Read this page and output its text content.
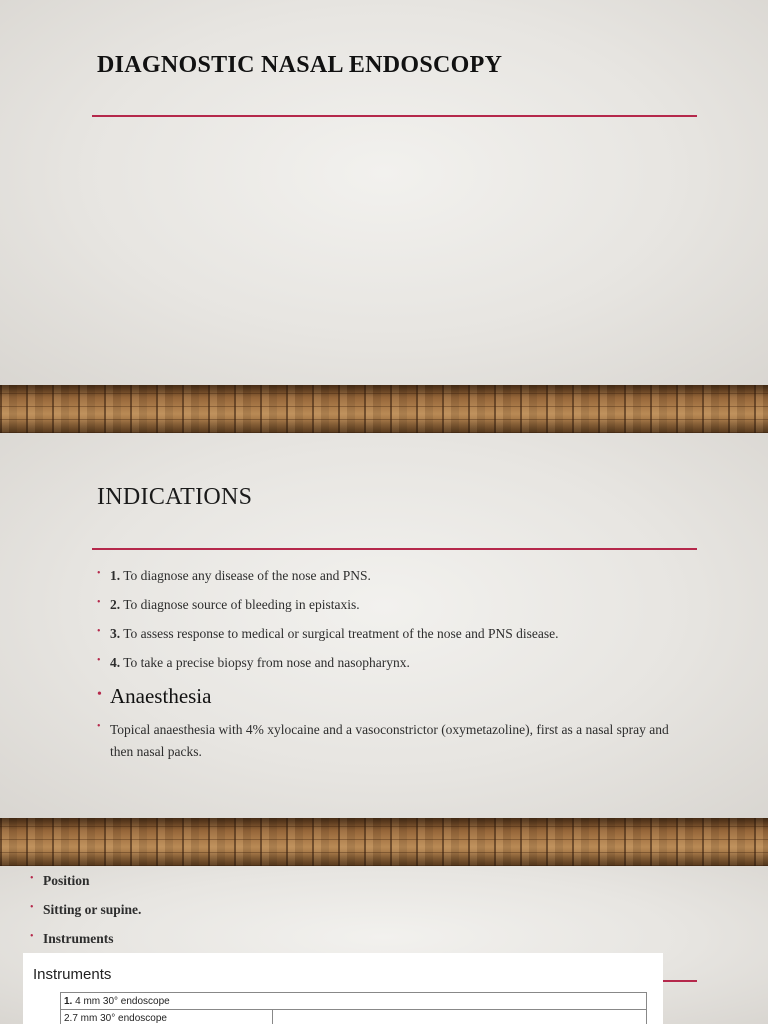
DIAGNOSTIC NASAL ENDOSCOPY
INDICATIONS
• 1. To diagnose any disease of the nose and PNS.
• 2. To diagnose source of bleeding in epistaxis.
• 3. To assess response to medical or surgical treatment of the nose and PNS disease.
• 4. To take a precise biopsy from nose and nasopharynx.
• Anaesthesia
• Topical anaesthesia with 4% xylocaine and a vasoconstrictor (oxymetazoline), first as a nasal spray and then nasal packs.
• Position
• Sitting or supine.
• Instruments
Instruments
1. 4 mm 30° endoscope
2.7 mm 30° endoscope	
